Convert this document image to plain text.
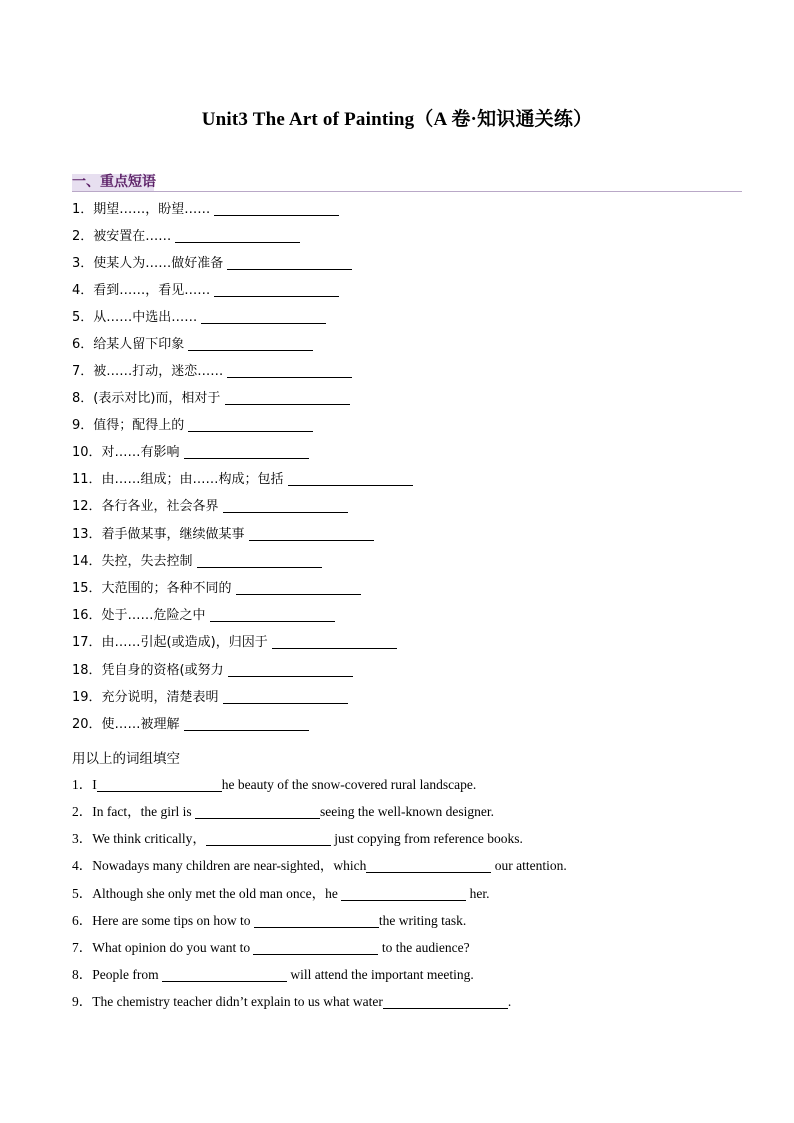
Unit3 The Art of Painting（A 卷·知识通关练）
一、重点短语
1．期望……，盼望……
2．被安置在……
3．使某人为……做好准备
4．看到……，看见……
5．从……中选出……
6．给某人留下印象
7．被……打动，迷恋……
8．(表示对比)而，相对于
9．值得；配得上的
10．对……有影响
11．由……组成；由……构成；包括
12．各行各业，社会各界
13．着手做某事，继续做某事
14．失控，失去控制
15．大范围的；各种不同的
16．处于……危险之中
17．由……引起(或造成)，归因于
18．凭自身的资格(或努力
19．充分说明，清楚表明
20．使……被理解
用以上的词组填空
1．I	he beauty of the snow-covered rural landscape.
2．In fact，the girl is	seeing the well-known designer.
3．We think critically，	just copying from reference books.
4．Nowadays many children are near-sighted，which	our attention.
5．Although she only met the old man once，he	her.
6．Here are some tips on how to	the writing task.
7．What opinion do you want to	to the audience?
8．People from	will attend the important meeting.
9．The chemistry teacher didn’t explain to us what water	.
